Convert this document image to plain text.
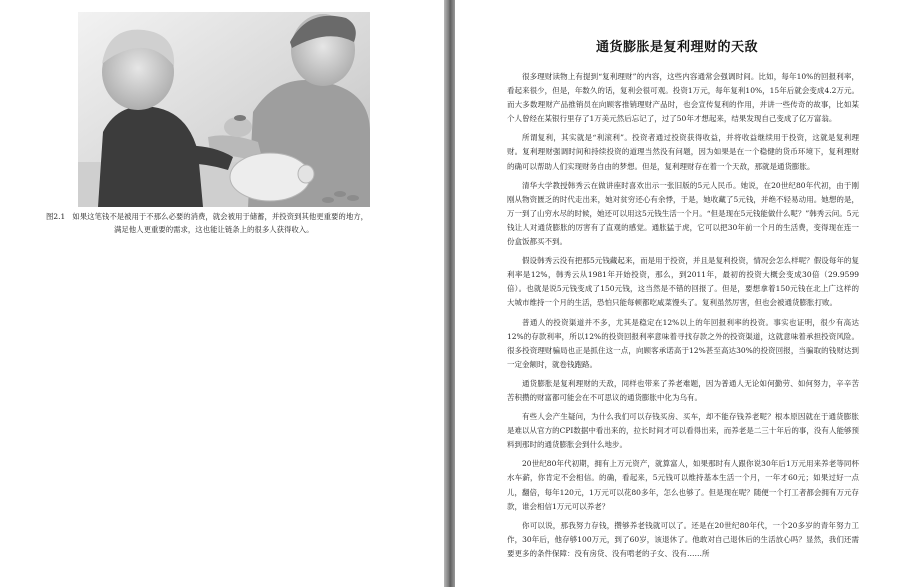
图2.1 如果这笔钱不是被用于不那么必要的消费，就会被用于储蓄，并投资到其他更重要的地方，
满足他人更重要的需求，这也能让链条上的很多人获得收入。
通货膨胀是复利理财的天敌

很多理财读物上有提到“复利理财”的内容，这些内容通常会强调时间。比如，每年10%的回报利率，看起来很少，但是，年数久的话，复利会很可观。投资1万元，每年复利10%，15年后就会变成4.2万元。而大多数理财产品推销员在向顾客推销理财产品时，也会宣传复利的作用，并讲一些传奇的故事，比如某个人曾经在某银行里存了1万美元然后忘记了，过了50年才想起来，结果发现自己变成了亿万富翁。

所谓复利，其实就是“利滚利”。投资者通过投资获得收益，并将收益继续用于投资，这就是复利理财。复利理财强调时间和持续投资的道理当然没有问题，因为如果是在一个稳健的货币环境下，复利理财的确可以帮助人们实现财务自由的梦想。但是，复利理财存在着一个天敌，那就是通货膨胀。

清华大学教授韩秀云在做讲座时喜欢出示一张旧版的5元人民币。她说，在20世纪80年代初，由于刚刚从物资匮乏的时代走出来，她对贫穷还心有余悸，于是，她收藏了5元钱，并绝不轻易动用。她想的是，万一到了山穷水尽的时候，她还可以用这5元钱生活一个月。“但是现在5元钱能做什么呢？”韩秀云问。5元钱让人对通货膨胀的厉害有了直观的感觉。通胀猛于虎，它可以把30年前一个月的生活费，变得现在连一份盒饭都买不到。

假设韩秀云没有把那5元钱藏起来，而是用于投资，并且是复利投资，情况会怎么样呢？假设每年的复利率是12%，韩秀云从1981年开始投资，那么，到2011年，最初的投资大概会变成30倍（29.9599倍）。也就是说5元钱变成了150元钱，这当然是不错的回报了。但是，要想拿着150元钱在北上广这样的大城市维持一个月的生活，恐怕只能每顿都吃咸菜馒头了。复利虽然厉害，但也会被通货膨胀打败。

普通人的投资渠道并不多，尤其是稳定在12%以上的年回报利率的投资。事实也证明，很少有高达12%的存款利率，所以12%的投资回报利率意味着寻找存款之外的投资渠道，这就意味着承担投资风险。很多投资理财骗局也正是抓住这一点，向顾客承诺高于12%甚至高达30%的投资回报，当骗取的钱财达到一定金额时，就卷钱跑路。

通货膨胀是复利理财的天敌，同样也带来了养老难题，因为普通人无论如何勤劳、如何努力，辛辛苦苦积攒的财富都可能会在不可思议的通货膨胀中化为乌有。

有些人会产生疑问，为什么我们可以存钱买房、买车，却不能存钱养老呢？根本原因就在于通货膨胀是难以从官方的CPI数据中看出来的，拉长时间才可以看得出来，而养老是二三十年后的事，没有人能够预料到那时的通货膨胀会到什么地步。

20世纪80年代初期，拥有上万元资产，就算富人，如果那时有人跟你说30年后1万元用来养老等同杯水车薪，你肯定不会相信。的确，看起来，5元钱可以维持基本生活一个月，一年才60元；如果过好一点儿，翻倍，每年120元，1万元可以花80多年，怎么也够了。但是现在呢？随便一个打工者都会拥有万元存款，谁会相信1万元可以养老？

你可以说，那我努力存钱，攒够养老钱就可以了。还是在20世纪80年代，一个20多岁的青年努力工作，30年后，他存够100万元，到了60岁，该退休了。他敢对自己退休后的生活放心吗？显然，我们还需要更多的条件保障：没有房贷、没有啃老的子女、没有……所
